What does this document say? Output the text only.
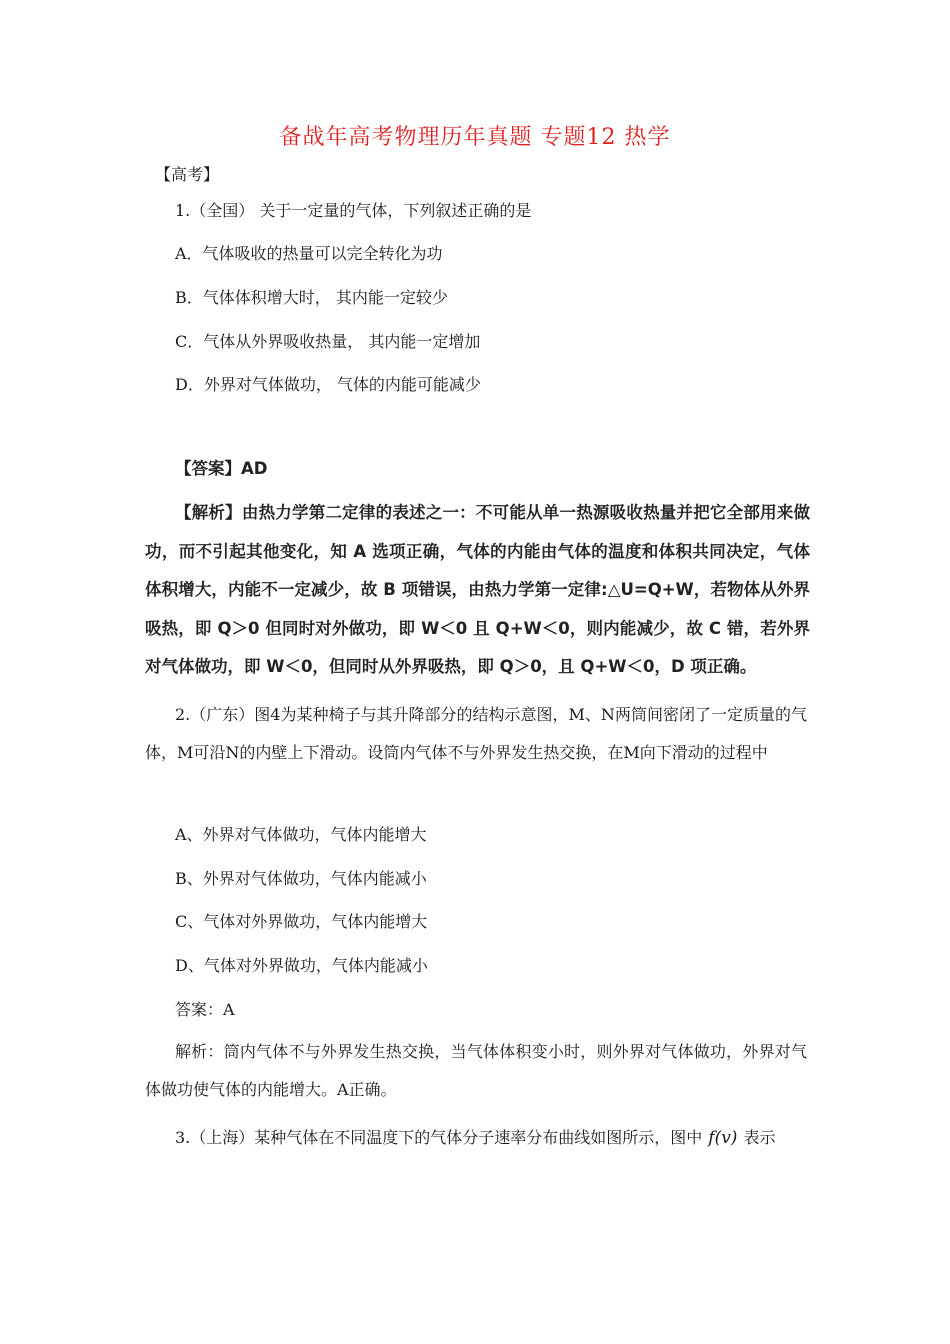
备战年高考物理历年真题 专题12 热学
【高考】
1.（全国） 关于一定量的气体，下列叙述正确的是
A．气体吸收的热量可以完全转化为功
B．气体体积增大时， 其内能一定较少
C．气体从外界吸收热量， 其内能一定增加
D．外界对气体做功， 气体的内能可能减少
【答案】AD
【解析】由热力学第二定律的表述之一：不可能从单一热源吸收热量并把它全部用来做功，而不引起其他变化，知 A 选项正确，气体的内能由气体的温度和体积共同决定，气体体积增大，内能不一定减少，故 B 项错误，由热力学第一定律:△U=Q+W，若物体从外界吸热，即 Q＞0 但同时对外做功，即 W＜0 且 Q+W＜0，则内能减少，故 C 错，若外界对气体做功，即 W＜0，但同时从外界吸热，即 Q＞0，且 Q+W＜0，D 项正确。
2.（广东）图4为某种椅子与其升降部分的结构示意图，M、N两筒间密闭了一定质量的气体，M可沿N的内壁上下滑动。设筒内气体不与外界发生热交换，在M向下滑动的过程中
A、外界对气体做功，气体内能增大
B、外界对气体做功，气体内能减小
C、气体对外界做功，气体内能增大
D、气体对外界做功，气体内能减小
答案：A
解析：筒内气体不与外界发生热交换，当气体体积变小时，则外界对气体做功，外界对气体做功使气体的内能增大。A正确。
3.（上海）某种气体在不同温度下的气体分子速率分布曲线如图所示，图中 f(v) 表示
